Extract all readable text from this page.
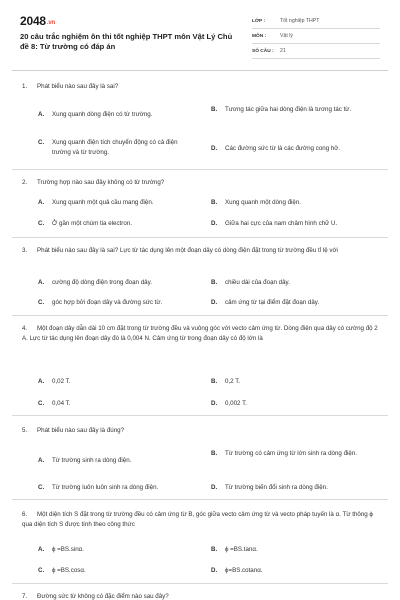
2048.vn
20 câu trắc nghiệm ôn thi tốt nghiệp THPT môn Vật Lý Chủ đề 8: Từ trường có đáp án
LỚP :	Tốt nghiệp THPT
MÔN :	Vật lý
SỐ CÂU :	21
1. Phát biểu nào sau đây là sai?
A.	Xung quanh dòng điện có từ trường.
B.	Tương tác giữa hai dòng điện là tương tác từ.
C.	Xung quanh điện tích chuyển động có cả điện trường và từ trường.	D.	Các đường sức từ là các đường cong hở.
2. Trường hợp nào sau đây không có từ trường?
A.	Xung quanh một quả cầu mang điện.	B.	Xung quanh một dòng điện.
C.	Ở gần một chùm tia electron.	D.	Giữa hai cực của nam châm hình chữ U.
3. Phát biểu nào sau đây là sai? Lực từ tác dụng lên một đoạn dây có dòng điện đặt trong từ trường đều tỉ lệ với
A.	cường độ dòng điện trong đoạn dây.	B.	chiều dài của đoạn dây.
C.	góc hợp bởi đoạn dây và đường sức từ.	D.	cảm ứng từ tại điểm đặt đoạn dây.
4. Một đoạn dây dẫn dài 10 cm đặt trong từ trường đều và vuông góc với vecto cảm ứng từ. Dòng điện qua dây có cường độ 2 A. Lực từ tác dụng lên đoạn dây đó là 0,004 N. Cảm ứng từ trong đoạn dây có độ lớn là
A.	0,02 T.	B.	0,2 T.
C.	0,04 T.	D.	0,002 T.
5. Phát biểu nào sau đây là đúng?
A.	Từ trường sinh ra dòng điện.
B.	Từ trường có cảm ứng từ lớn sinh ra dòng điện.
C.	Từ trường luôn luôn sinh ra dòng điện.	D.	Từ trường biến đổi sinh ra dòng điện.
6. Một diện tích S đặt trong từ trường đều có cảm ứng từ B, góc giữa vecto cảm ứng từ và vecto pháp tuyến là α. Từ thông ϕ qua diện tích S được tính theo công thức
A.	ϕ =BS.sinα.	B.	ϕ =BS.tanα.
C.	ϕ =BS.cosα.	D.	ϕ=BS.cotanα.
7. Đường sức từ không có đặc điểm nào sau đây?
